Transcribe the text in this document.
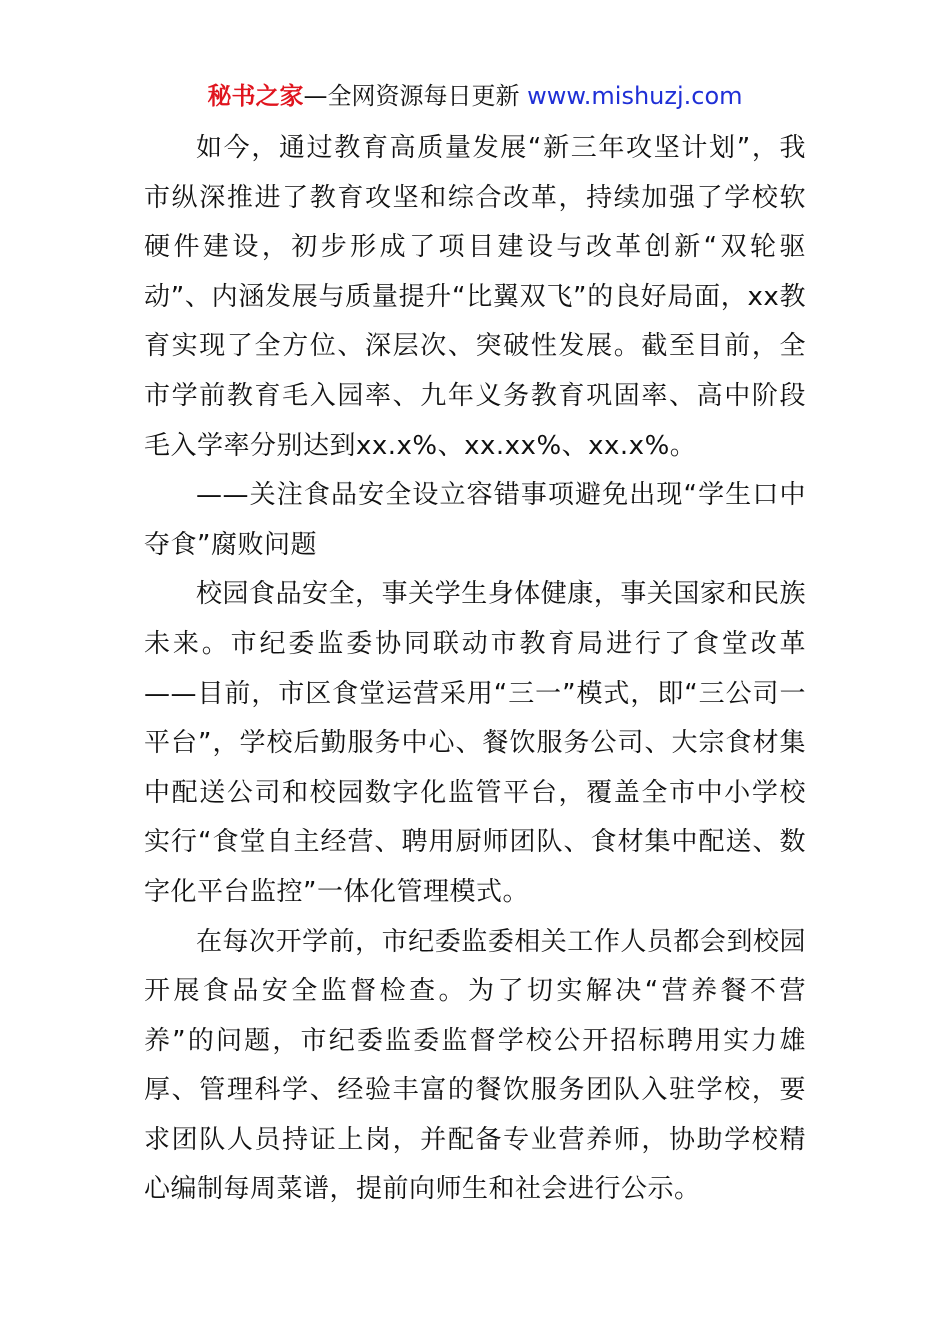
秘书之家—全网资源每日更新 www.mishuzj.com

如今，通过教育高质量发展“新三年攻坚计划”，我市纵深推进了教育攻坚和综合改革，持续加强了学校软硬件建设，初步形成了项目建设与改革创新“双轮驱动”、内涵发展与质量提升“比翼双飞”的良好局面，xx教育实现了全方位、深层次、突破性发展。截至目前，全市学前教育毛入园率、九年义务教育巩固率、高中阶段毛入学率分别达到xx.x%、xx.xx%、xx.x%。

——关注食品安全设立容错事项避免出现“学生口中夺食”腐败问题

校园食品安全，事关学生身体健康，事关国家和民族未来。市纪委监委协同联动市教育局进行了食堂改革——目前，市区食堂运营采用“三一”模式，即“三公司一平台”，学校后勤服务中心、餐饮服务公司、大宗食材集中配送公司和校园数字化监管平台，覆盖全市中小学校实行“食堂自主经营、聘用厨师团队、食材集中配送、数字化平台监控”一体化管理模式。

在每次开学前，市纪委监委相关工作人员都会到校园开展食品安全监督检查。为了切实解决“营养餐不营养”的问题，市纪委监委监督学校公开招标聘用实力雄厚、管理科学、经验丰富的餐饮服务团队入驻学校，要求团队人员持证上岗，并配备专业营养师，协助学校精心编制每周菜谱，提前向师生和社会进行公示。
